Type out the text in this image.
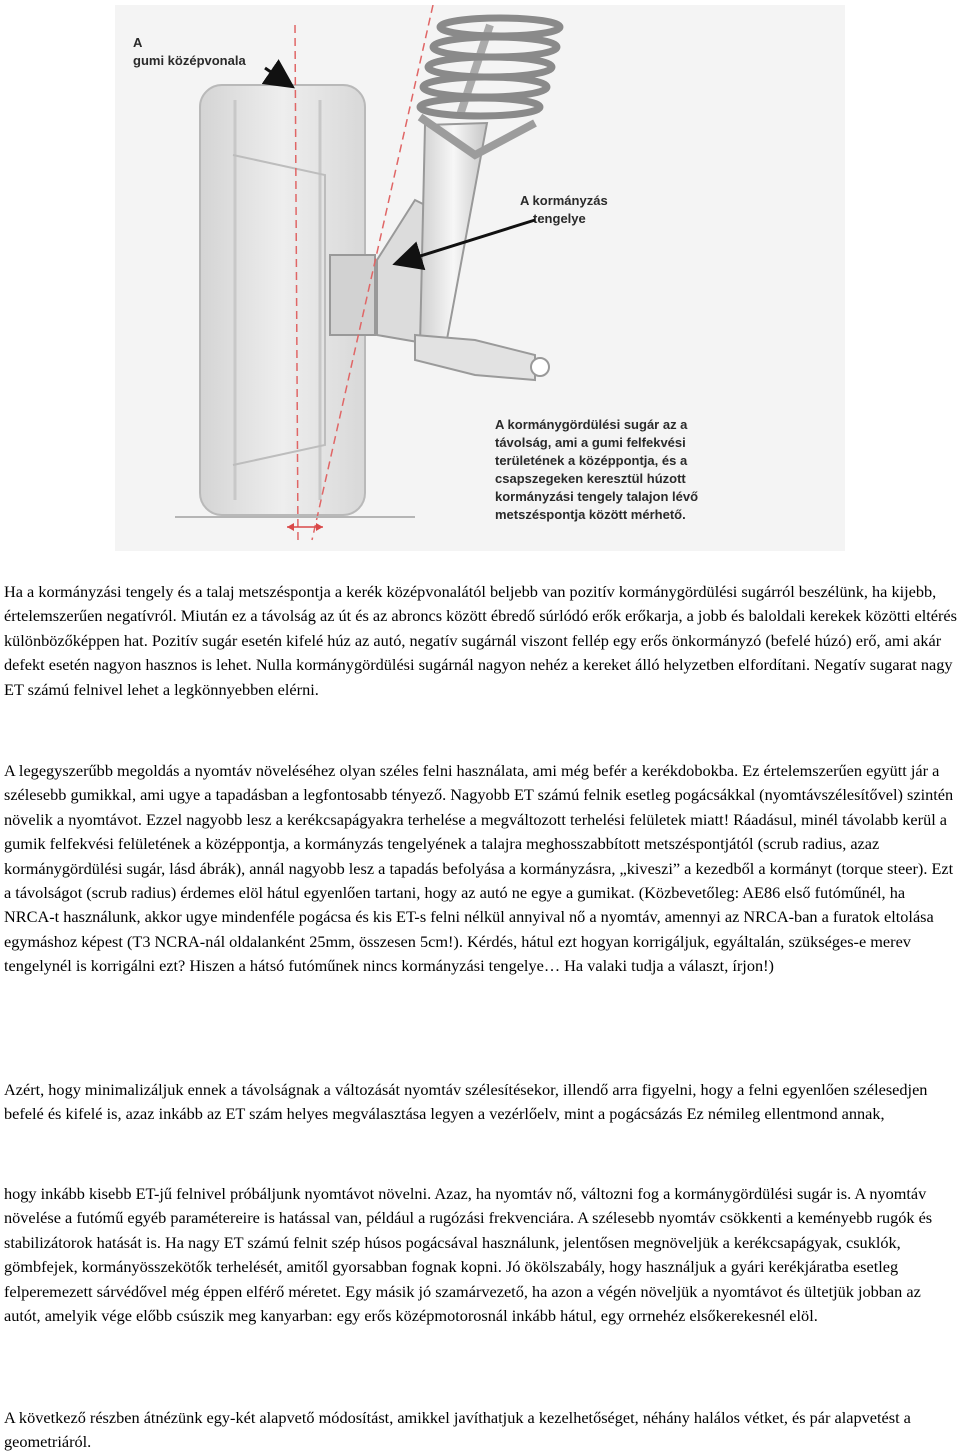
A
gumi középvonala
A kormányzás
tengelye
A kormánygördülési sugár az a
távolság, ami a gumi felfekvési
területének a középpontja, és a
csapszegeken keresztül húzott
kormányzási tengely talajon lévő
metszéspontja között mérhető.

Ha a kormányzási tengely és a talaj metszéspontja a kerék középvonalától beljebb van pozitív kormánygördülési sugárról beszélünk, ha kijebb, értelemszerűen negatívról. Miután ez a távolság az út és az abroncs között ébredő súrlódó erők erőkarja, a jobb és baloldali kerekek közötti eltérés különbözőképpen hat. Pozitív sugár esetén kifelé húz az autó, negatív sugárnál viszont fellép egy erős önkormányzó (befelé húzó) erő, ami akár defekt esetén nagyon hasznos is lehet. Nulla kormánygördülési sugárnál nagyon nehéz a kereket álló helyzetben elfordítani. Negatív sugarat nagy ET számú felnivel lehet a legkönnyebben elérni.

A legegyszerűbb megoldás a nyomtáv növeléséhez olyan széles felni használata, ami még befér a kerékdobokba. Ez értelemszerűen együtt jár a szélesebb gumikkal, ami ugye a tapadásban a legfontosabb tényező. Nagyobb ET számú felnik esetleg pogácsákkal (nyomtávszélesítővel) szintén növelik a nyomtávot. Ezzel nagyobb lesz a kerékcsapágyakra terhelése a megváltozott terhelési felületek miatt! Ráadásul, minél távolabb kerül a gumik felfekvési felületének a középpontja, a kormányzás tengelyének a talajra meghosszabbított metszéspontjától (scrub radius, azaz kormánygördülési sugár, lásd ábrák), annál nagyobb lesz a tapadás befolyása a kormányzásra, „kiveszi” a kezedből a kormányt (torque steer). Ezt a távolságot (scrub radius) érdemes elöl hátul egyenlően tartani, hogy az autó ne egye a gumikat. (Közbevetőleg: AE86 első futóműnél, ha NRCA-t használunk, akkor ugye mindenféle pogácsa és kis ET-s felni nélkül annyival nő a nyomtáv, amennyi az NRCA-ban a furatok eltolása egymáshoz képest (T3 NCRA-nál oldalanként 25mm, összesen 5cm!). Kérdés, hátul ezt hogyan korrigáljuk, egyáltalán, szükséges-e merev tengelynél is korrigálni ezt? Hiszen a hátsó futóműnek nincs kormányzási tengelye… Ha valaki tudja a választ, írjon!)

Azért, hogy minimalizáljuk ennek a távolságnak a változását nyomtáv szélesítésekor, illendő arra figyelni, hogy a felni egyenlően szélesedjen befelé és kifelé is, azaz inkább az ET szám helyes megválasztása legyen a vezérlőelv, mint a pogácsázás Ez némileg ellentmond annak,

hogy inkább kisebb ET-jű felnivel próbáljunk nyomtávot növelni. Azaz, ha nyomtáv nő, változni fog a kormánygördülési sugár is. A nyomtáv növelése a futómű egyéb paramétereire is hatással van, például a rugózási frekvenciára. A szélesebb nyomtáv csökkenti a keményebb rugók és stabilizátorok hatását is. Ha nagy ET számú felnit szép húsos pogácsával használunk, jelentősen megnöveljük a kerékcsapágyak, csuklók, gömbfejek, kormányösszekötők terhelését, amitől gyorsabban fognak kopni. Jó ökölszabály, hogy használjuk a gyári kerékjáratba esetleg felperemezett sárvédővel még éppen elférő méretet. Egy másik jó szamárvezető, ha azon a végén növeljük a nyomtávot és ültetjük jobban az autót, amelyik vége előbb csúszik meg kanyarban: egy erős középmotorosnál inkább hátul, egy orrnehéz elsőkerekesnél elöl.

A következő részben átnézünk egy-két alapvető módosítást, amikkel javíthatjuk a kezelhetőséget, néhány halálos vétket, és pár alapvetést a geometriáról.
